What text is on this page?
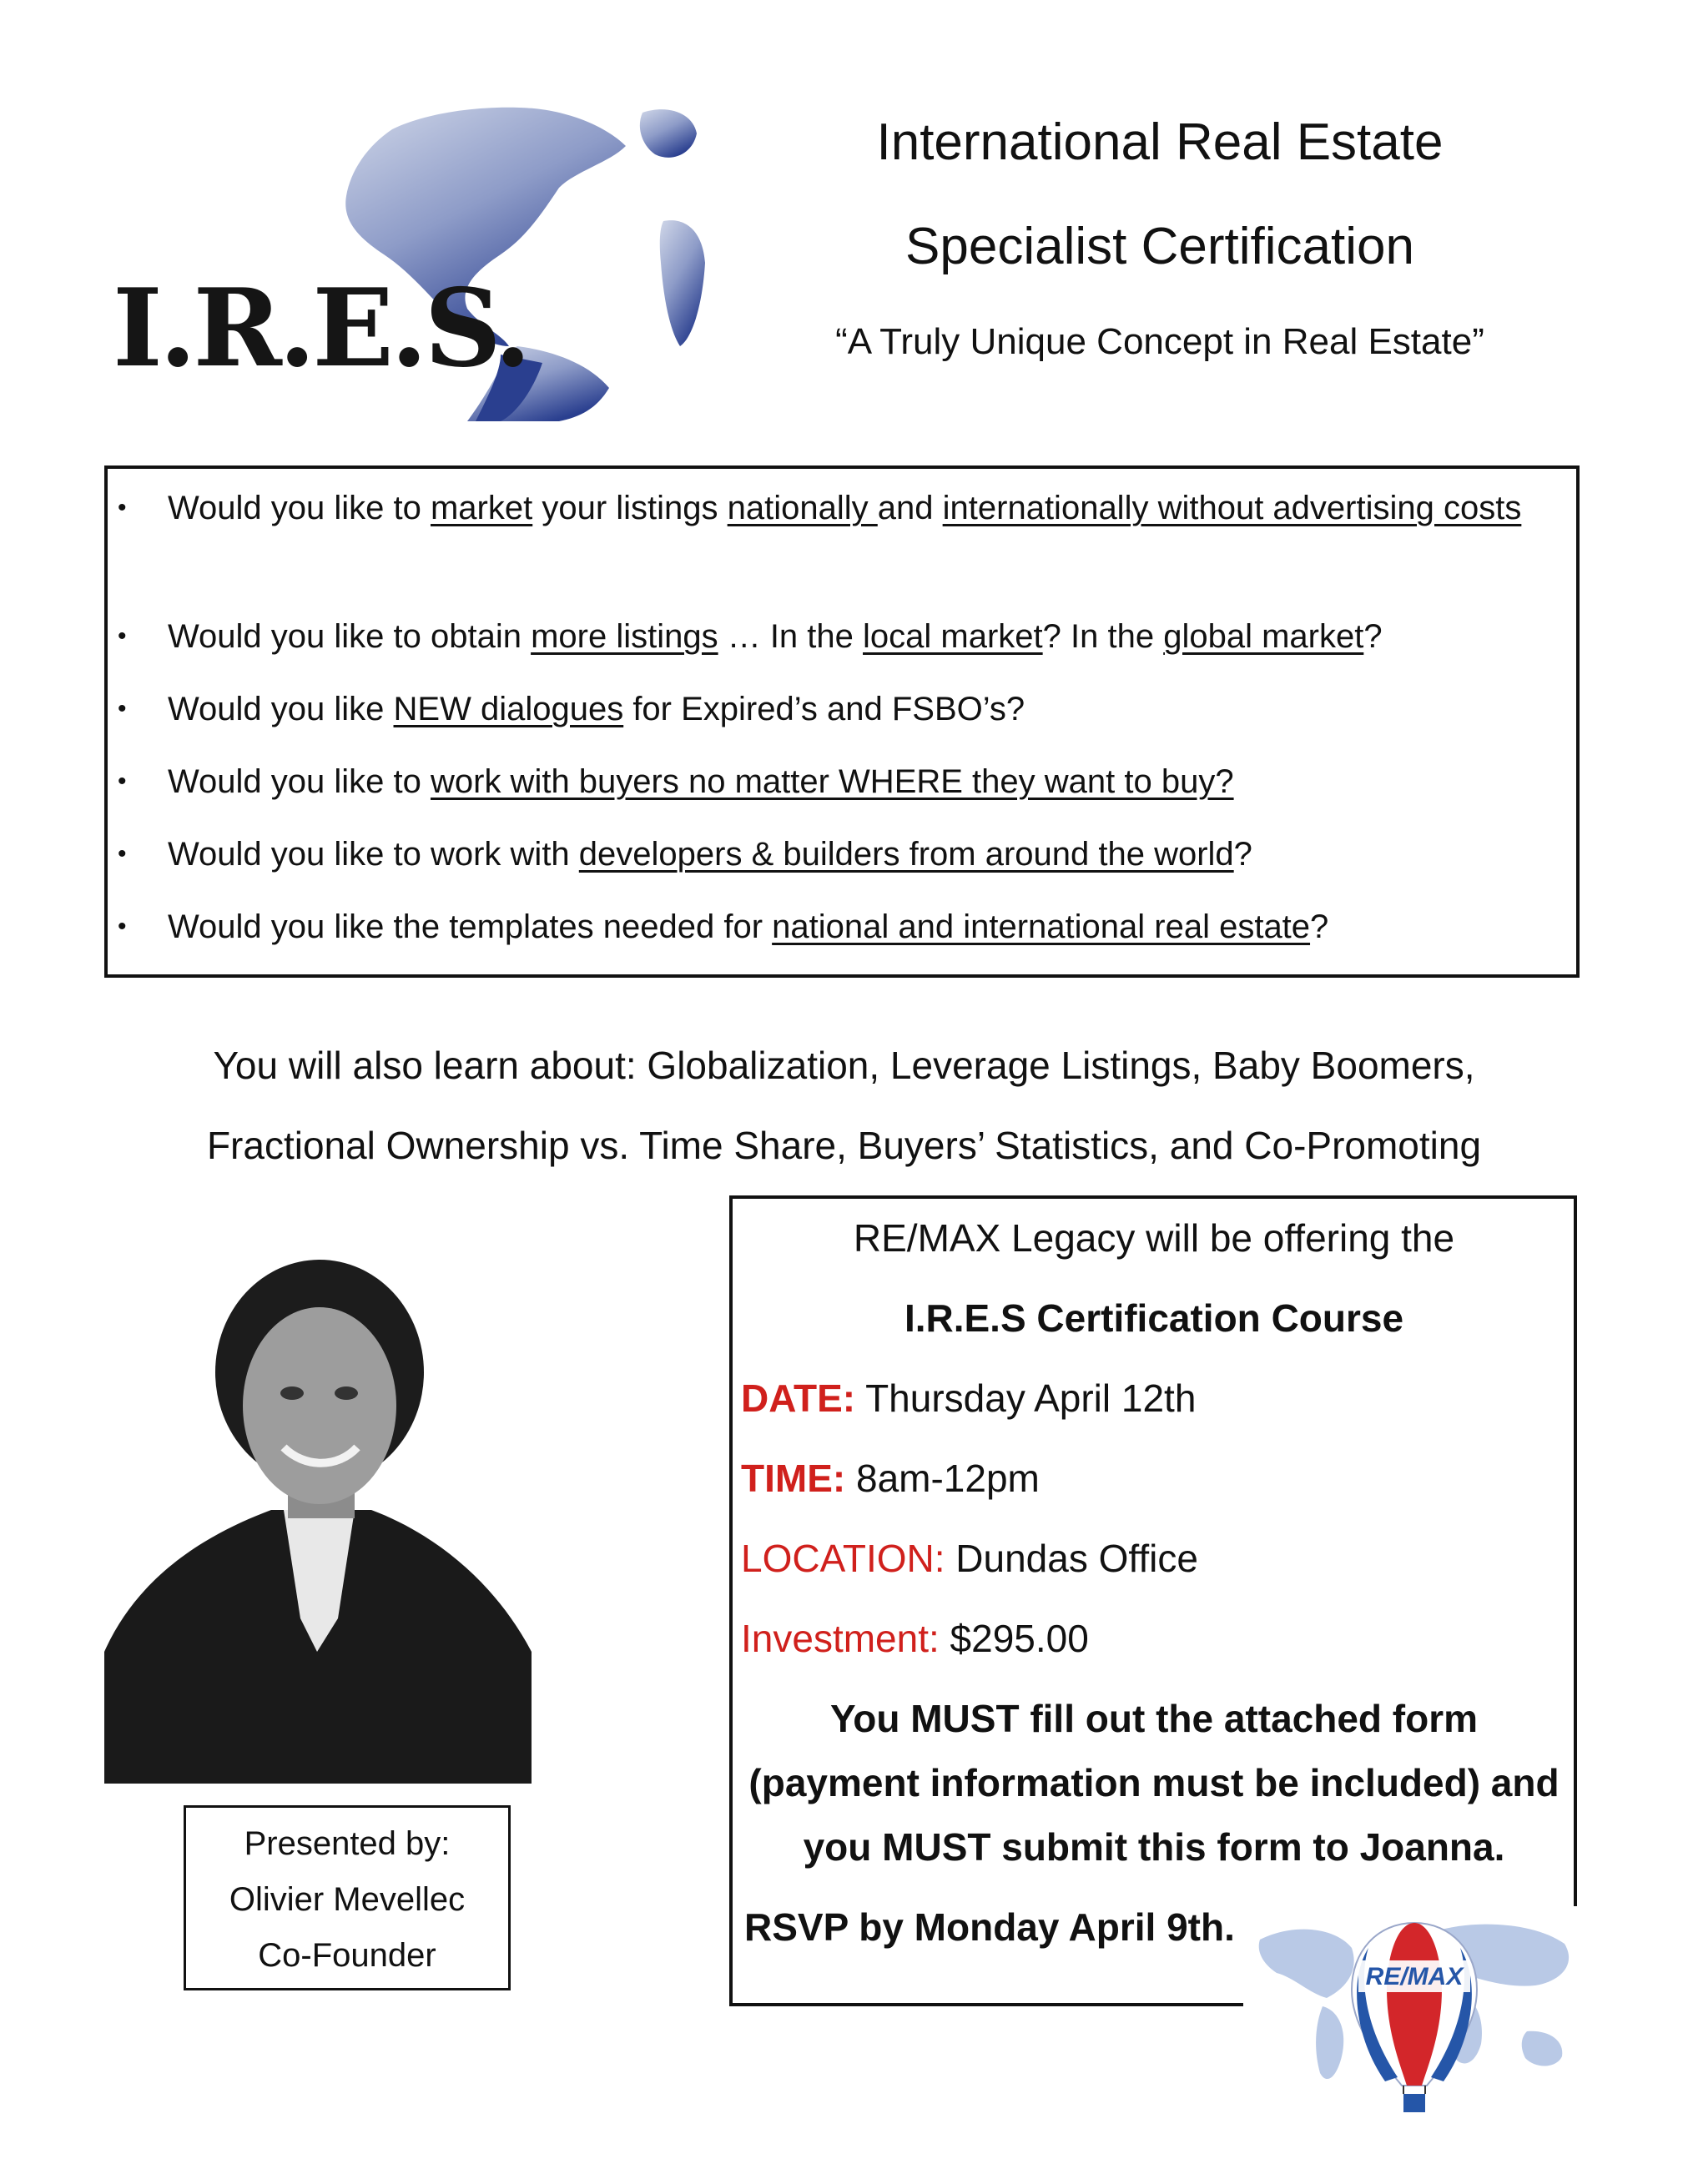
I.R.E.S.
International Real Estate
Specialist Certification
“A Truly Unique Concept in Real Estate”
• Would you like to market your listings nationally and internationally without advertising costs
• Would you like to obtain more listings … In the local market? In the global market?
• Would you like NEW dialogues for Expired’s and FSBO’s?
• Would you like to work with buyers no matter WHERE they want to buy?
• Would you like to work with developers & builders from around the world?
• Would you like the templates needed for national and international real estate?
You will also learn about: Globalization, Leverage Listings, Baby Boomers,
Fractional Ownership vs. Time Share, Buyers’ Statistics, and Co-Promoting
Presented by:
Olivier Mevellec
Co-Founder
RE/MAX Legacy will be offering the
I.R.E.S Certification Course
DATE: Thursday April 12th
TIME: 8am-12pm
LOCATION: Dundas Office
Investment: $295.00
You MUST fill out the attached form
(payment information must be included) and
you MUST submit this form to Joanna.
RSVP by Monday April 9th.
RE/MAX
